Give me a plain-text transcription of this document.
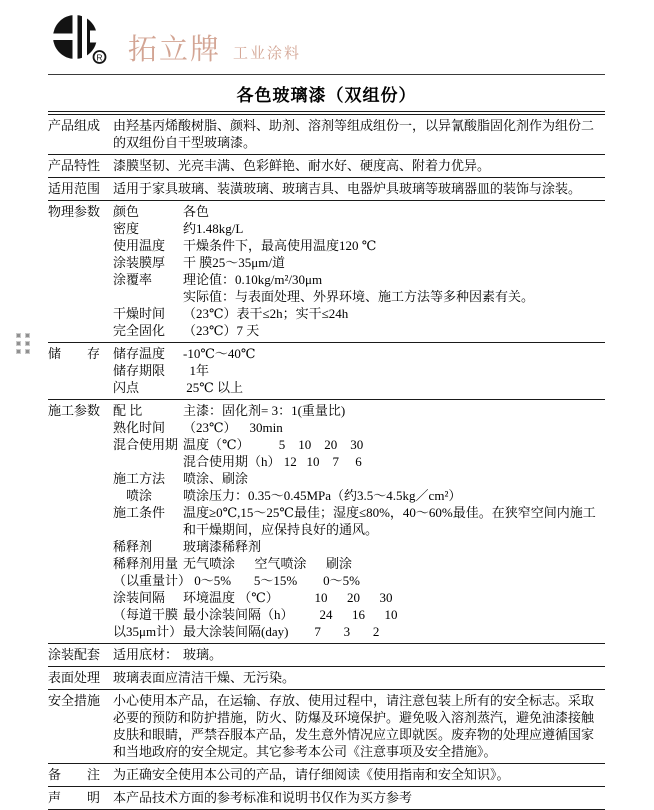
R 拓立牌 工业涂料
各色玻璃漆（双组份）
产品组成 由羟基丙烯酸树脂、颜料、助剂、溶剂等组成组份一，以异氰酸脂固化剂作为组份二的双组份自干型玻璃漆。
产品特性 漆膜坚韧、光亮丰满、色彩鲜艳、耐水好、硬度高、附着力优异。
适用范围 适用于家具玻璃、装潢玻璃、玻璃吉具、电器炉具玻璃等玻璃器皿的装饰与涂装。
物理参数 颜色	各色
密度	约1.48kg/L
使用温度	干燥条件下，最高使用温度120 ℃
涂装膜厚	干 膜25～35μm/道
涂覆率	理论值：0.10kg/m²/30μm
实际值：与表面处理、外界环境、施工方法等多种因素有关。
干燥时间	（23℃）表干≤2h；实干≤24h
完全固化	（23℃）7 天
储　　存 储存温度	-10℃～40℃
储存期限	1年
闪点	25℃ 以上
施工参数 配 比	主漆：固化剂= 3：1(重量比)
熟化时间	（23℃）    30min
混合使用期 温度（℃）         5    10    20    30
混合使用期（h） 12   10    7     6
施工方法	喷涂、刷涂
　喷涂	喷涂压力：0.35～0.45MPa（约3.5～4.5kg／cm²）
施工条件	温度≥0℃,15～25℃最佳；湿度≤80%，40～60%最佳。在狭窄空间内施工和干燥期间，应保持良好的通风。
稀释剂	玻璃漆稀释剂
稀释剂用量 无气喷涂      空气喷涂      刷涂
（以重量计） 0～5%       5～15%        0～5%
涂装间隔	环境温度 （℃）           10      20      30
（每道干膜 最小涂装间隔（h）        24      16      10
以35μm计） 最大涂装间隔(day)        7       3       2
涂装配套 适用底材： 玻璃。
表面处理 玻璃表面应清洁干燥、无污染。
安全措施 小心使用本产品，在运输、存放、使用过程中，请注意包装上所有的安全标志。采取必要的预防和防护措施，防火、防爆及环境保护。避免吸入溶剂蒸汽，避免油漆接触皮肤和眼睛，严禁吞服本产品，发生意外情况应立即就医。废弃物的处理应遵循国家和当地政府的安全规定。其它参考本公司《注意事项及安全措施》。
备　　注 为正确安全使用本公司的产品，请仔细阅读《使用指南和安全知识》。
声　　明 本产品技术方面的参考标准和说明书仅作为买方参考
